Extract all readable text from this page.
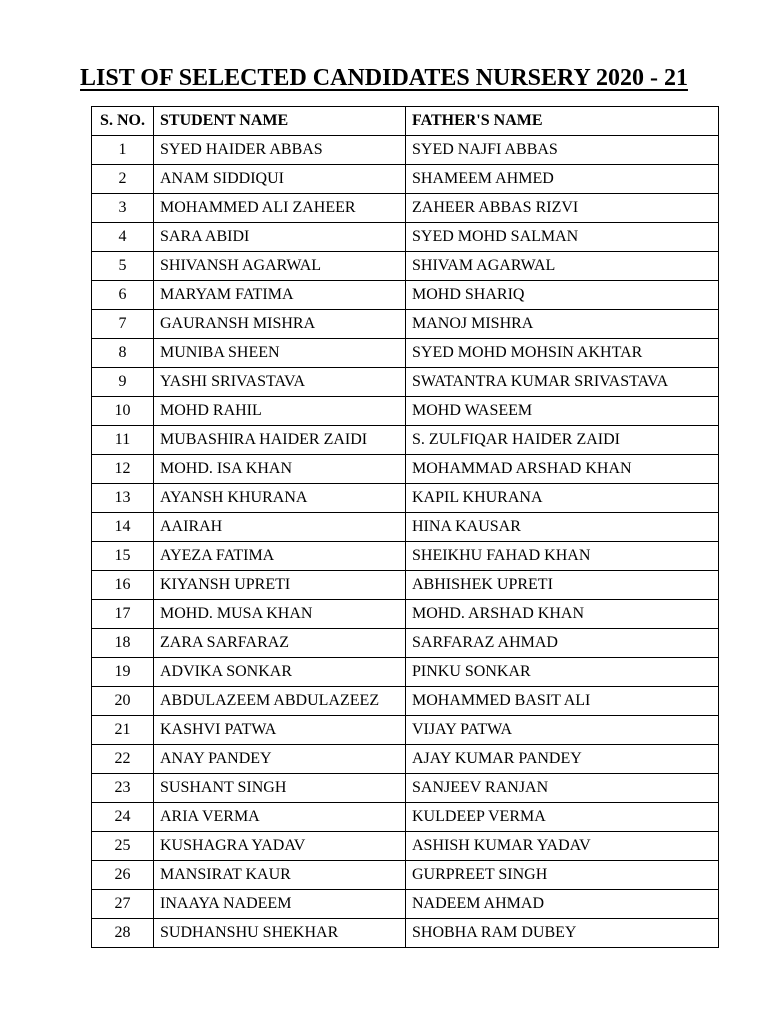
LIST OF SELECTED CANDIDATES NURSERY 2020 - 21
S. NO.	STUDENT NAME	FATHER'S NAME
1	SYED HAIDER ABBAS	SYED NAJFI ABBAS
2	ANAM SIDDIQUI	SHAMEEM AHMED
3	MOHAMMED ALI ZAHEER	ZAHEER ABBAS RIZVI
4	SARA ABIDI	SYED MOHD SALMAN
5	SHIVANSH AGARWAL	SHIVAM AGARWAL
6	MARYAM FATIMA	MOHD SHARIQ
7	GAURANSH MISHRA	MANOJ MISHRA
8	MUNIBA SHEEN	SYED MOHD MOHSIN AKHTAR
9	YASHI SRIVASTAVA	SWATANTRA KUMAR SRIVASTAVA
10	MOHD RAHIL	MOHD WASEEM
11	MUBASHIRA HAIDER ZAIDI	S. ZULFIQAR HAIDER ZAIDI
12	MOHD. ISA KHAN	MOHAMMAD ARSHAD KHAN
13	AYANSH KHURANA	KAPIL KHURANA
14	AAIRAH	HINA KAUSAR
15	AYEZA FATIMA	SHEIKHU FAHAD KHAN
16	KIYANSH UPRETI	ABHISHEK UPRETI
17	MOHD. MUSA KHAN	MOHD. ARSHAD KHAN
18	ZARA SARFARAZ	SARFARAZ AHMAD
19	ADVIKA SONKAR	PINKU SONKAR
20	ABDULAZEEM ABDULAZEEZ	MOHAMMED BASIT ALI
21	KASHVI PATWA	VIJAY PATWA
22	ANAY PANDEY	AJAY KUMAR PANDEY
23	SUSHANT SINGH	SANJEEV RANJAN
24	ARIA VERMA	KULDEEP VERMA
25	KUSHAGRA YADAV	ASHISH KUMAR YADAV
26	MANSIRAT KAUR	GURPREET SINGH
27	INAAYA NADEEM	NADEEM AHMAD
28	SUDHANSHU SHEKHAR	SHOBHA RAM DUBEY
